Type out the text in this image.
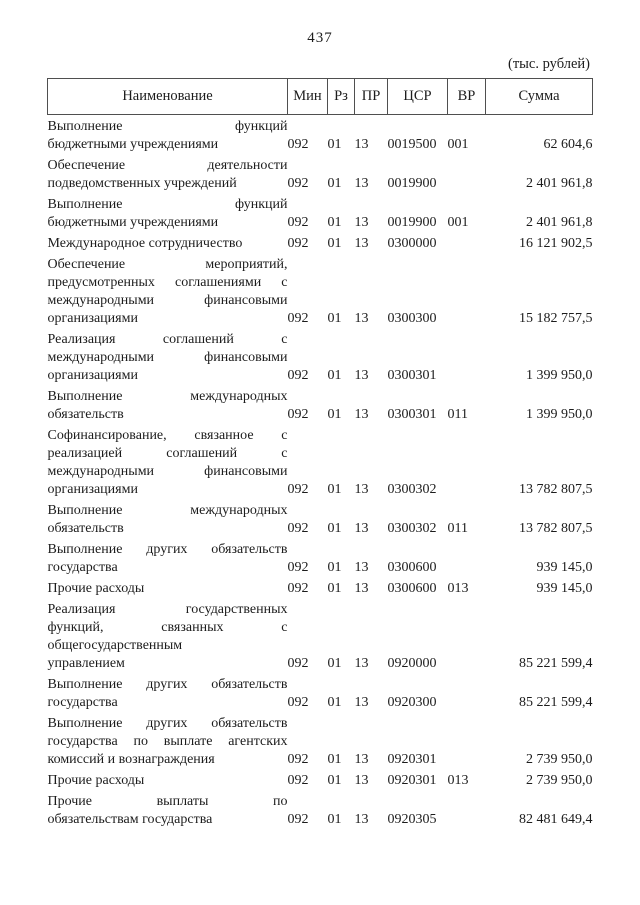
437
(тыс. рублей)
Наименование	Мин	Рз	ПР	ЦСР	ВР	Сумма

Выполнение функций
бюджетными учреждениями	092	01	13	0019500	001	62 604,6

Обеспечение деятельности
подведомственных учреждений	092	01	13	0019900		2 401 961,8

Выполнение функций
бюджетными учреждениями	092	01	13	0019900	001	2 401 961,8

Международное сотрудничество	092	01	13	0300000		16 121 902,5

Обеспечение мероприятий,
предусмотренных соглашениями с
международными финансовыми
организациями	092	01	13	0300300		15 182 757,5

Реализация соглашений с
международными финансовыми
организациями	092	01	13	0300301		1 399 950,0

Выполнение международных
обязательств	092	01	13	0300301	011	1 399 950,0

Софинансирование, связанное с
реализацией соглашений с
международными финансовыми
организациями	092	01	13	0300302		13 782 807,5

Выполнение международных
обязательств	092	01	13	0300302	011	13 782 807,5

Выполнение других обязательств
государства	092	01	13	0300600		939 145,0

Прочие расходы	092	01	13	0300600	013	939 145,0

Реализация государственных
функций, связанных с
общегосударственным
управлением	092	01	13	0920000		85 221 599,4

Выполнение других обязательств
государства	092	01	13	0920300		85 221 599,4

Выполнение других обязательств
государства по выплате агентских
комиссий и вознаграждения	092	01	13	0920301		2 739 950,0

Прочие расходы	092	01	13	0920301	013	2 739 950,0

Прочие выплаты по
обязательствам государства	092	01	13	0920305		82 481 649,4
